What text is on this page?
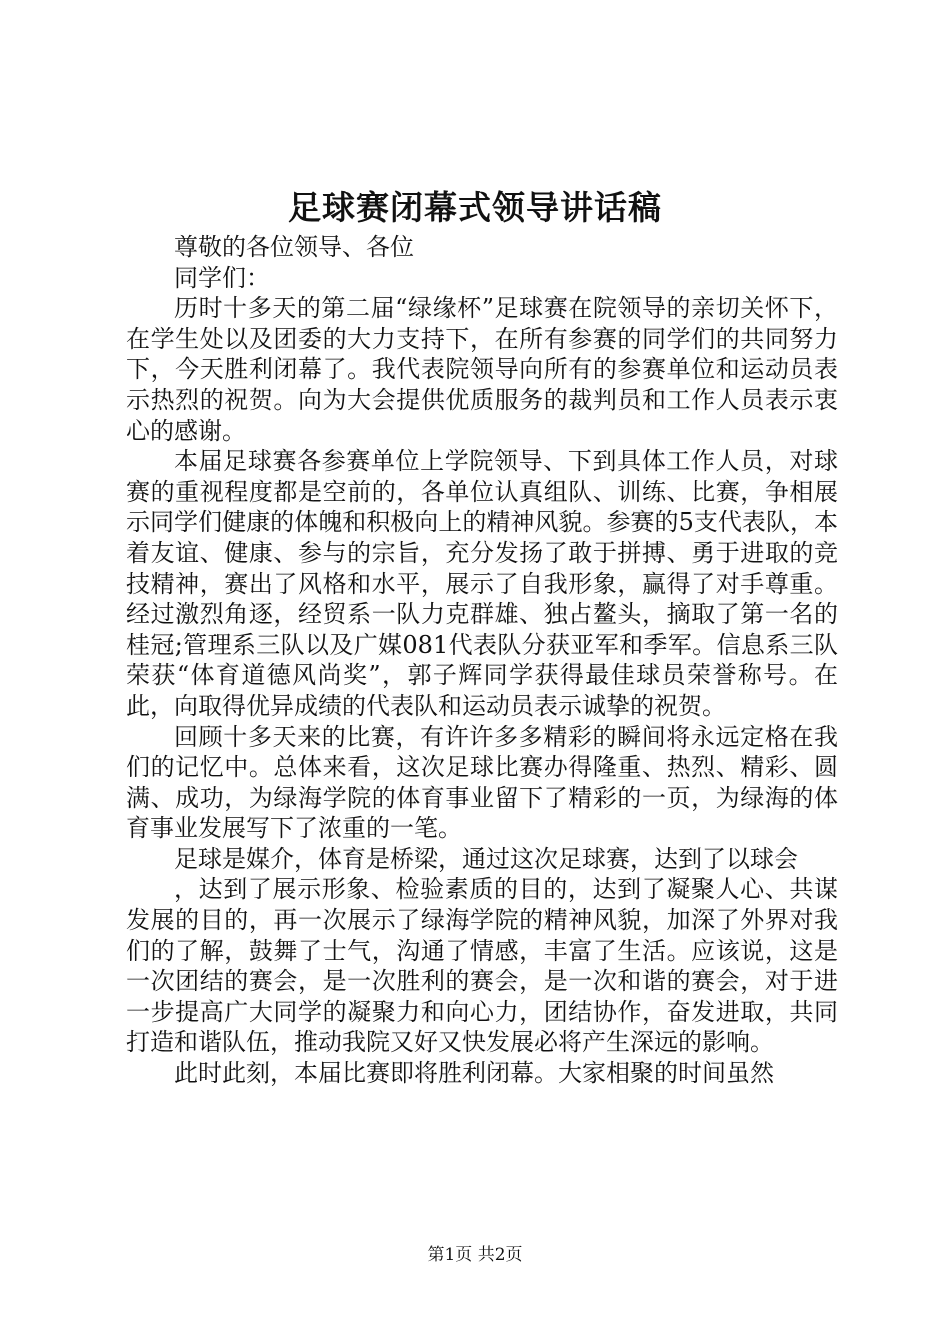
足球赛闭幕式领导讲话稿

尊敬的各位领导、各位

同学们：

历时十多天的第二届“绿缘杯”足球赛在院领导的亲切关怀下，在学生处以及团委的大力支持下，在所有参赛的同学们的共同努力下，今天胜利闭幕了。我代表院领导向所有的参赛单位和运动员表示热烈的祝贺。向为大会提供优质服务的裁判员和工作人员表示衷心的感谢。

本届足球赛各参赛单位上学院领导、下到具体工作人员，对球赛的重视程度都是空前的，各单位认真组队、训练、比赛，争相展示同学们健康的体魄和积极向上的精神风貌。参赛的5支代表队，本着友谊、健康、参与的宗旨，充分发扬了敢于拼搏、勇于进取的竞技精神，赛出了风格和水平，展示了自我形象，赢得了对手尊重。经过激烈角逐，经贸系一队力克群雄、独占鳌头，摘取了第一名的桂冠;管理系三队以及广媒081代表队分获亚军和季军。信息系三队荣获“体育道德风尚奖”，郭子辉同学获得最佳球员荣誉称号。在此，向取得优异成绩的代表队和运动员表示诚挚的祝贺。

回顾十多天来的比赛，有许许多多精彩的瞬间将永远定格在我们的记忆中。总体来看，这次足球比赛办得隆重、热烈、精彩、圆满、成功，为绿海学院的体育事业留下了精彩的一页，为绿海的体育事业发展写下了浓重的一笔。

足球是媒介，体育是桥梁，通过这次足球赛，达到了以球会

，达到了展示形象、检验素质的目的，达到了凝聚人心、共谋发展的目的，再一次展示了绿海学院的精神风貌，加深了外界对我们的了解，鼓舞了士气，沟通了情感，丰富了生活。应该说，这是一次团结的赛会，是一次胜利的赛会，是一次和谐的赛会，对于进一步提高广大同学的凝聚力和向心力，团结协作，奋发进取，共同打造和谐队伍，推动我院又好又快发展必将产生深远的影响。

此时此刻，本届比赛即将胜利闭幕。大家相聚的时间虽然

第1页 共2页
